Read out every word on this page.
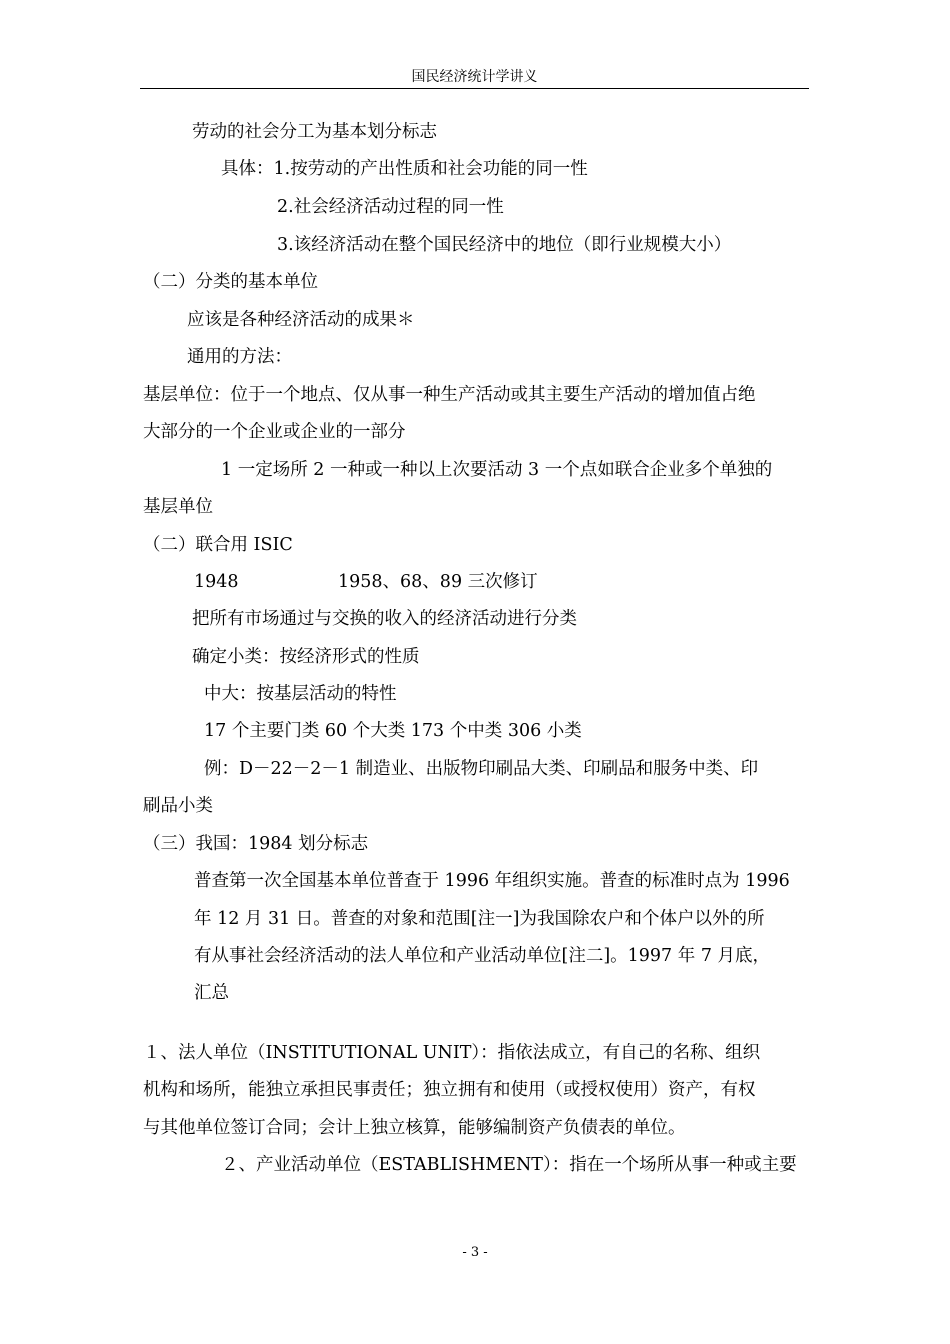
国民经济统计学讲义
劳动的社会分工为基本划分标志
具体：1.按劳动的产出性质和社会功能的同一性
2.社会经济活动过程的同一性
3.该经济活动在整个国民经济中的地位（即行业规模大小）
（二）分类的基本单位
应该是各种经济活动的成果＊
通用的方法：
基层单位：位于一个地点、仅从事一种生产活动或其主要生产活动的增加值占绝
大部分的一个企业或企业的一部分
1 一定场所 2 一种或一种以上次要活动 3 一个点如联合企业多个单独的
基层单位
（二）联合用 ISIC
1948	1958、68、89 三次修订
把所有市场通过与交换的收入的经济活动进行分类
确定小类：按经济形式的性质
中大：按基层活动的特性
17 个主要门类 60 个大类 173 个中类 306 小类
例：D－22－2－1 制造业、出版物印刷品大类、印刷品和服务中类、印
刷品小类
（三）我国：1984 划分标志
普查第一次全国基本单位普查于 1996 年组织实施。普查的标准时点为 1996
年 12 月 31 日。普查的对象和范围[注一]为我国除农户和个体户以外的所
有从事社会经济活动的法人单位和产业活动单位[注二]。1997 年 7 月底，
汇总
１、法人单位（INSTITUTIONAL UNIT）：指依法成立，有自己的名称、组织
机构和场所，能独立承担民事责任；独立拥有和使用（或授权使用）资产，有权
与其他单位签订合同；会计上独立核算，能够编制资产负债表的单位。
２、产业活动单位（ESTABLISHMENT）：指在一个场所从事一种或主要
- 3 -
